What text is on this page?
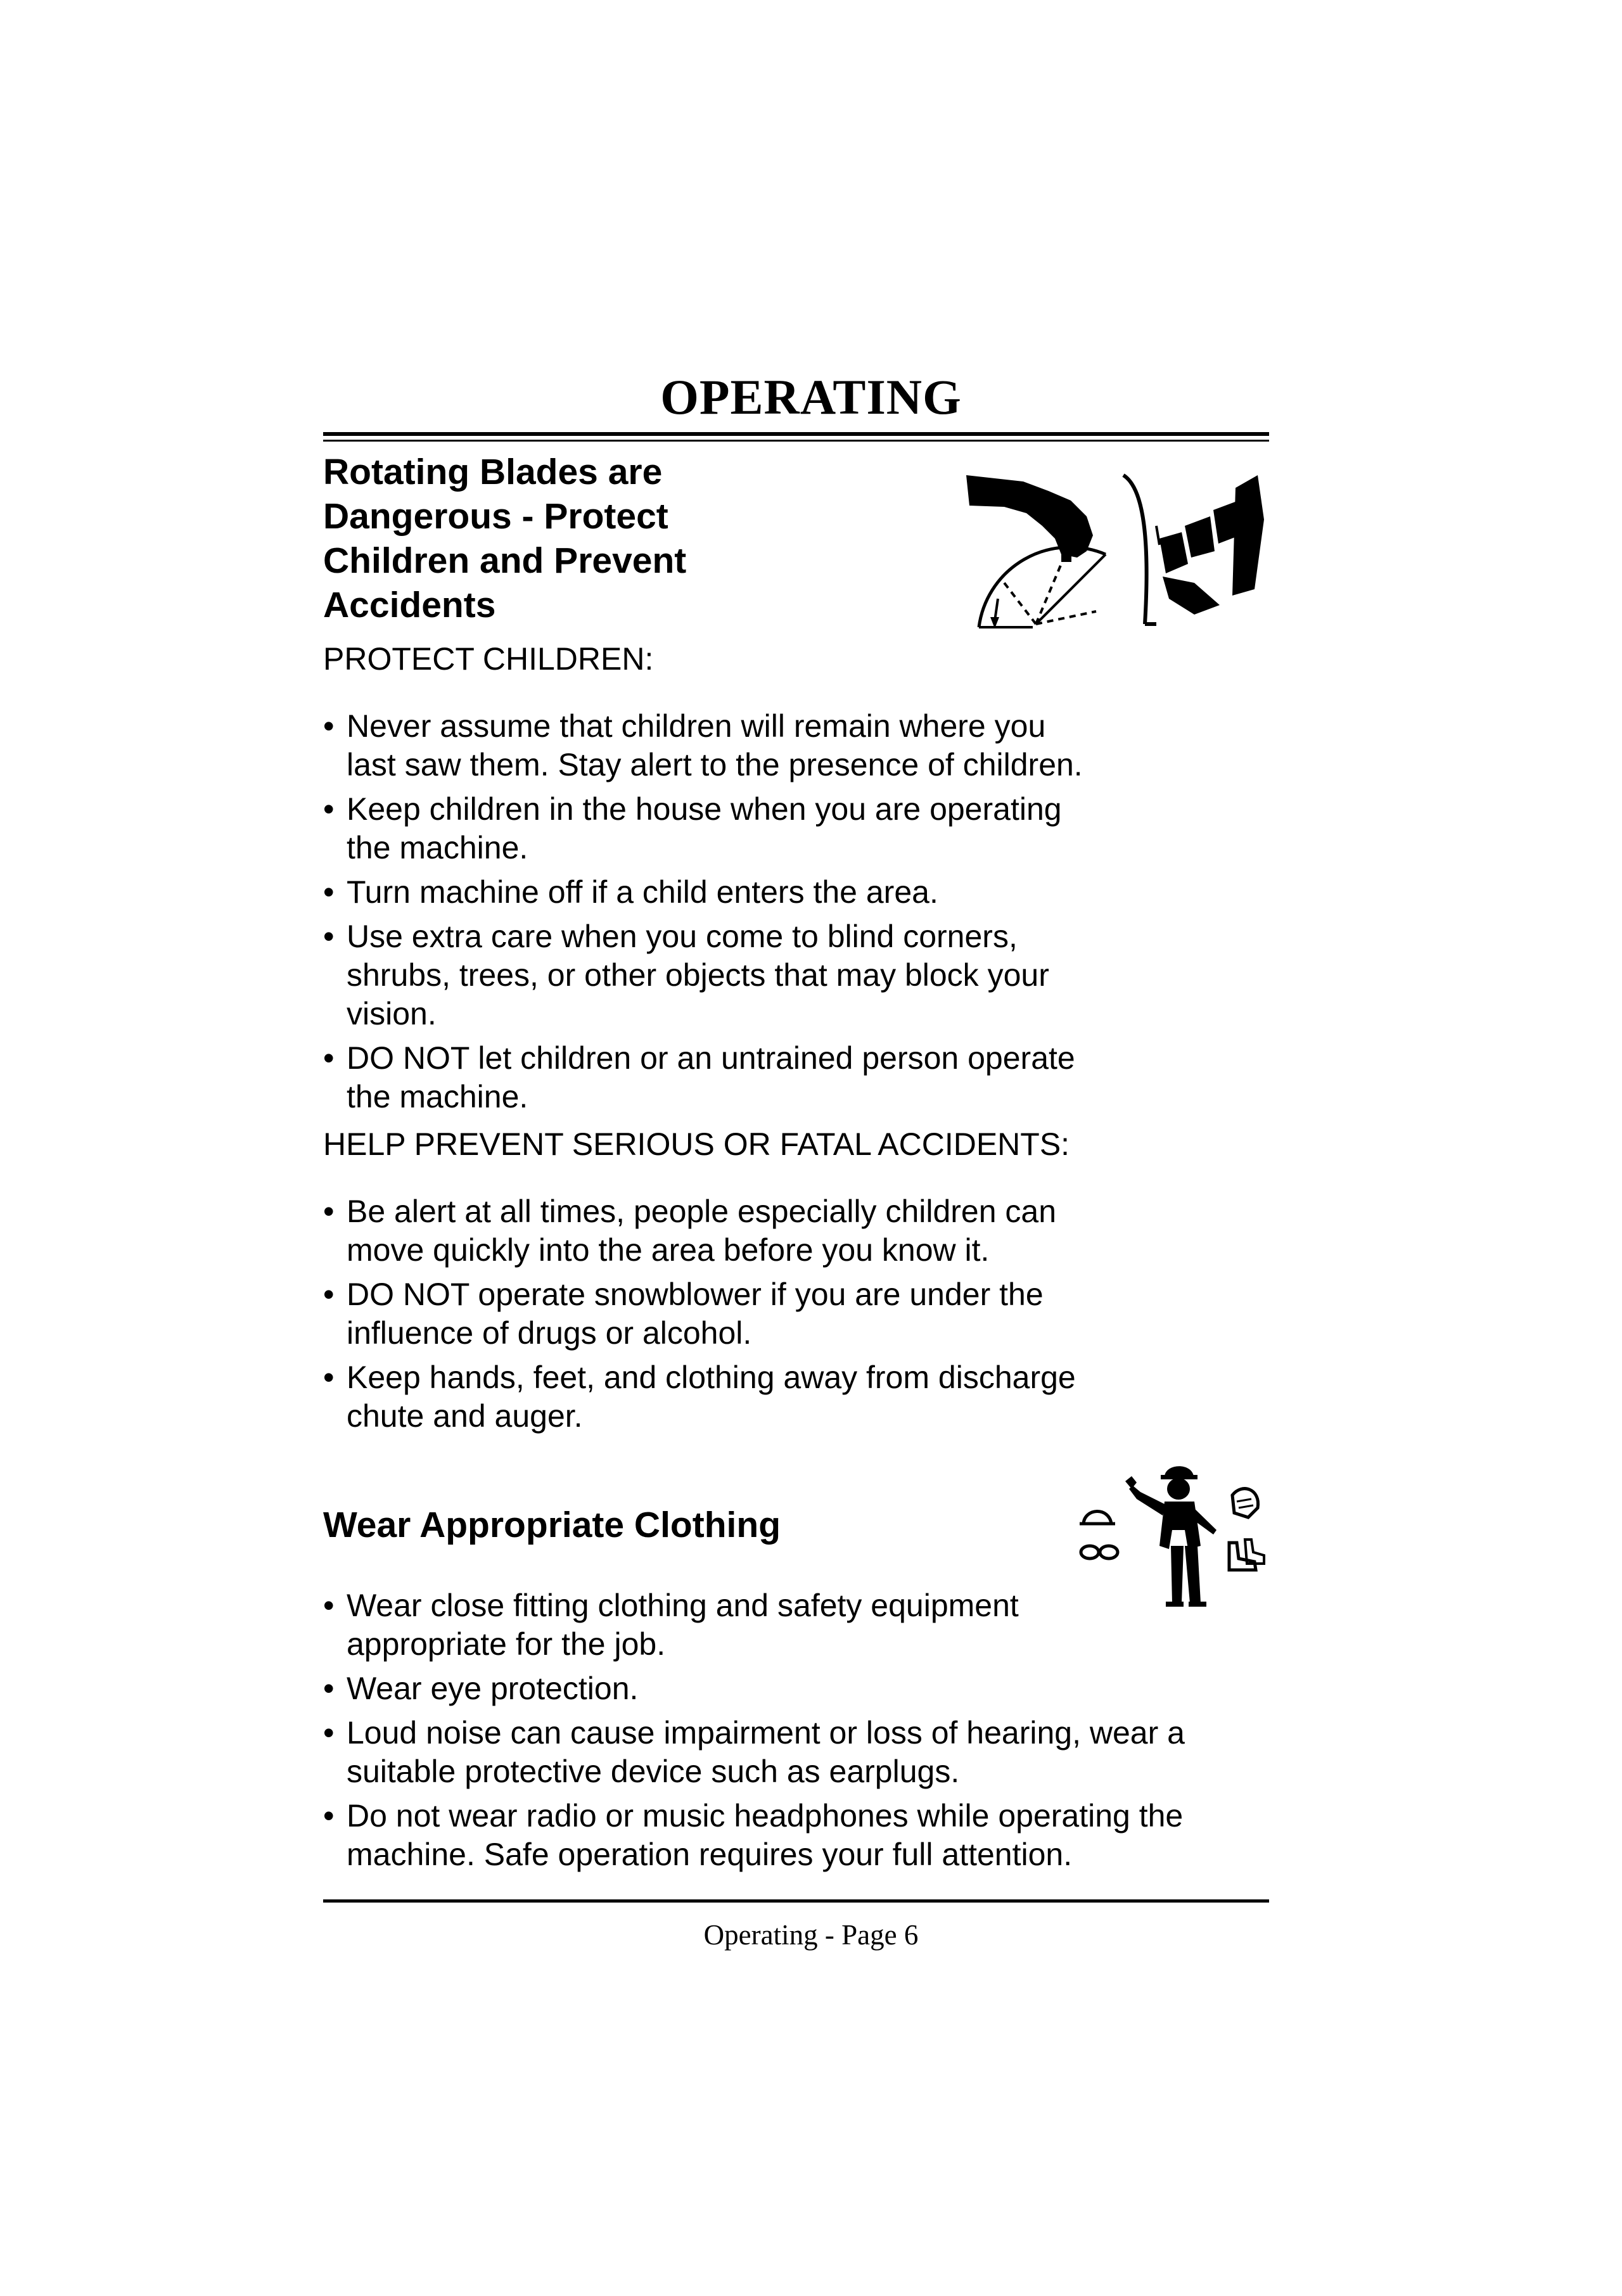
OPERATING
Rotating Blades are
Dangerous - Protect
Children and Prevent
Accidents
PROTECT CHILDREN:
• Never assume that children will remain where you
last saw them. Stay alert to the presence of children.
• Keep children in the house when you are operating
the machine.
• Turn machine off if a child enters the area.
• Use extra care when you come to blind corners,
shrubs, trees, or other objects that may block your
vision.
• DO NOT let children or an untrained person operate
the machine.
HELP PREVENT SERIOUS OR FATAL ACCIDENTS:
• Be alert at all times, people especially children can
move quickly into the area before you know it.
• DO NOT operate snowblower if you are under the
influence of drugs or alcohol.
• Keep hands, feet, and clothing away from discharge
chute and auger.
Wear Appropriate Clothing
• Wear close fitting clothing and safety equipment
appropriate for the job.
• Wear eye protection.
• Loud noise can cause impairment or loss of hearing, wear a
suitable protective device such as earplugs.
• Do not wear radio or music headphones while operating the
machine. Safe operation requires your full attention.
Operating - Page 6
